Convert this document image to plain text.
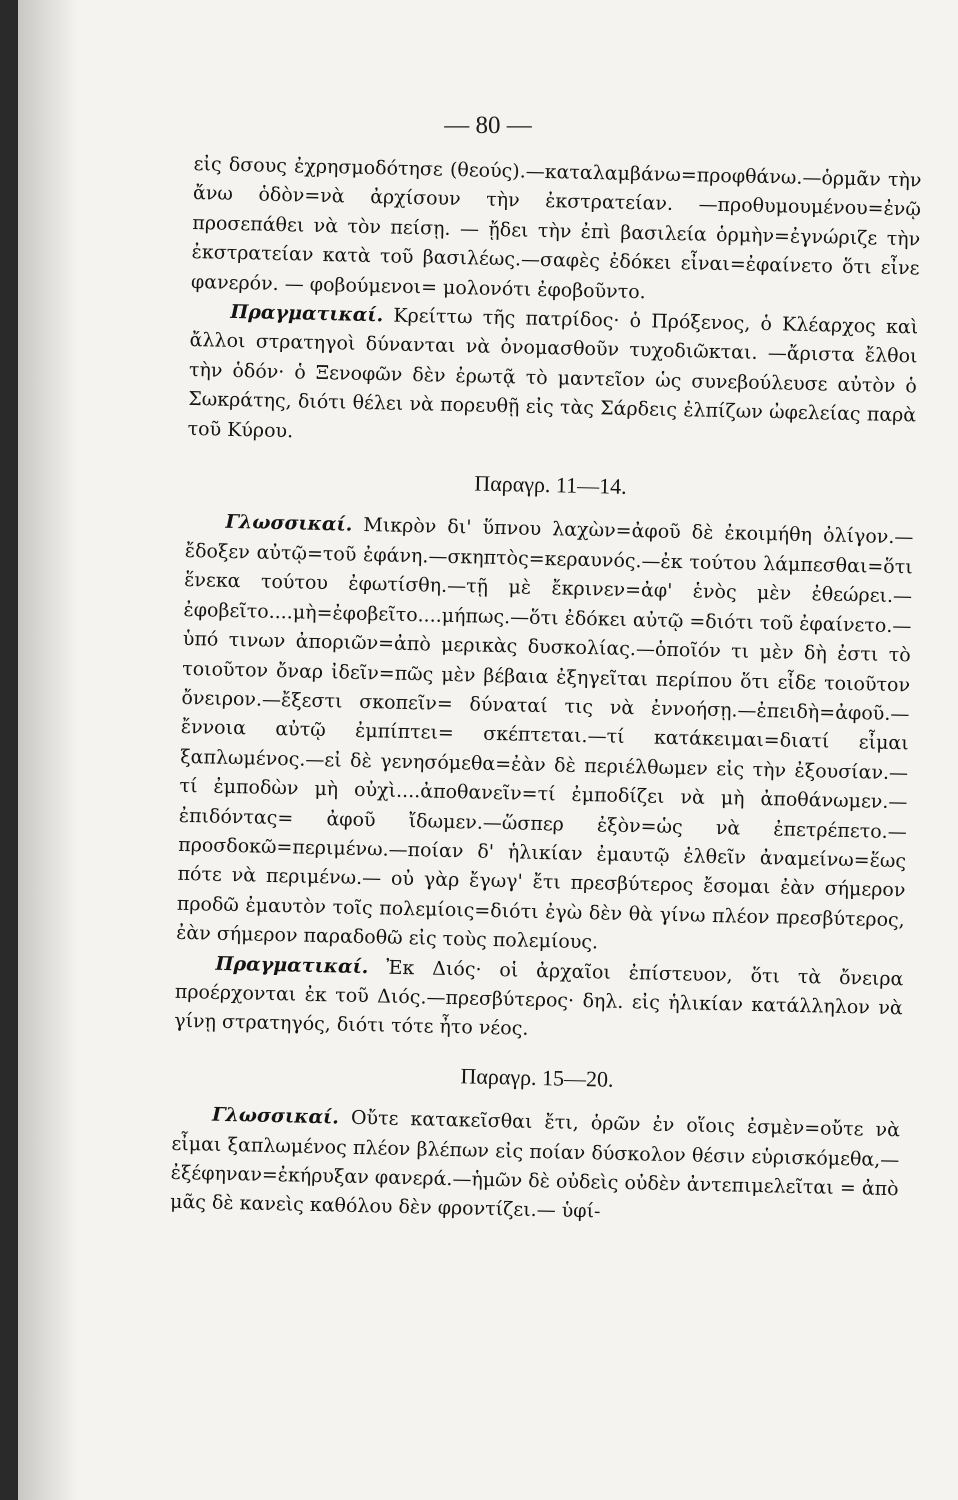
— 80 —

εἰς δσους ἐχρησμοδότησε (θεούς).—καταλαμβάνω=προφθάνω.—ὁρμᾶν τὴν ἄνω ὁδὸν=νὰ ἀρχίσουν τὴν ἐκστρατείαν. —προθυμουμένου=ἐνῷ προσεπάθει νὰ τὸν πείσῃ. — ᾔδει τὴν ἐπὶ βασιλεία ὁρμὴν=ἐγνώριζε τὴν ἐκστρατείαν κατὰ τοῦ βασιλέως.—σαφὲς ἐδόκει εἶναι=ἐφαίνετο ὅτι εἶνε φανερόν. — φοβούμενοι= μολονότι ἐφοβοῦντο.

Πραγματικαί. Κρείττω τῆς πατρίδος· ὁ Πρόξενος, ὁ Κλέαρχος καὶ ἄλλοι στρατηγοὶ δύνανται νὰ ὀνομασθοῦν τυχοδιῶκται. —ἄριστα ἔλθοι τὴν ὁδόν· ὁ Ξενοφῶν δὲν ἐρωτᾷ τὸ μαντεῖον ὡς συνεβούλευσε αὐτὸν ὁ Σωκράτης, διότι θέλει νὰ πορευθῇ εἰς τὰς Σάρδεις ἐλπίζων ὠφελείας παρὰ τοῦ Κύρου.

Παραγρ. 11—14.

Γλωσσικαί. Μικρὸν δι' ὕπνου λαχὼν=ἀφοῦ δὲ ἐκοιμήθη ὀλίγον.—ἔδοξεν αὐτῷ=τοῦ ἐφάνη.—σκηπτὸς=κεραυνός.—ἐκ τούτου λάμπεσθαι=ὅτι ἕνεκα τούτου ἐφωτίσθη.—τῇ μὲ ἔκρινεν=ἀφ' ἑνὸς μὲν ἐθεώρει.—ἐφοβεῖτο....μὴ=ἐφοβεῖτο....μήπως.—ὅτι ἐδόκει αὐτῷ =διότι τοῦ ἐφαίνετο.—ὑπό τινων ἀποριῶν=ἀπὸ μερικὰς δυσκολίας.—ὁποῖόν τι μὲν δὴ ἐστι τὸ τοιοῦτον ὄναρ ἰδεῖν=πῶς μὲν βέβαια ἐξηγεῖται περίπου ὅτι εἶδε τοιοῦτον ὄνειρον.—ἔξεστι σκοπεῖν= δύναταί τις νὰ ἐννοήσῃ.—ἐπειδὴ=ἀφοῦ.—ἔννοια αὐτῷ ἐμπίπτει= σκέπτεται.—τί κατάκειμαι=διατί εἶμαι ξαπλωμένος.—εἰ δὲ γενησόμεθα=ἐὰν δὲ περιέλθωμεν εἰς τὴν ἐξουσίαν.—τί ἐμποδὼν μὴ οὐχὶ....ἀποθανεῖν=τί ἐμποδίζει νὰ μὴ ἀποθάνωμεν.—ἐπιδόντας= ἀφοῦ ἴδωμεν.—ὥσπερ ἐξὸν=ὡς νὰ ἐπετρέπετο.—προσδοκῶ=περιμένω.—ποίαν δ' ἡλικίαν ἐμαυτῷ ἐλθεῖν ἀναμείνω=ἕως πότε νὰ περιμένω.— οὐ γὰρ ἔγωγ' ἔτι πρεσβύτερος ἔσομαι ἐὰν σήμερον προδῶ ἐμαυτὸν τοῖς πολεμίοις=διότι ἐγὼ δὲν θὰ γίνω πλέον πρεσβύτερος, ἐὰν σήμερον παραδοθῶ εἰς τοὺς πολεμίους.

Πραγματικαί. Ἐκ Διός· οἱ ἀρχαῖοι ἐπίστευον, ὅτι τὰ ὄνειρα προέρχονται ἐκ τοῦ Διός.—πρεσβύτερος· δηλ. εἰς ἡλικίαν κατάλληλον νὰ γίνῃ στρατηγός, διότι τότε ἦτο νέος.

Παραγρ. 15—20.

Γλωσσικαί. Οὔτε κατακεῖσθαι ἔτι, ὁρῶν ἐν οἵοις ἐσμὲν=οὔτε νὰ εἶμαι ξαπλωμένος πλέον βλέπων εἰς ποίαν δύσκολον θέσιν εὑρισκόμεθα,—ἐξέφηναν=ἐκήρυξαν φανερά.—ἡμῶν δὲ οὐδεὶς οὐδὲν ἀντεπιμελεῖται = ἀπὸ μᾶς δὲ κανεὶς καθόλου δὲν φροντίζει.— ὑφί-
